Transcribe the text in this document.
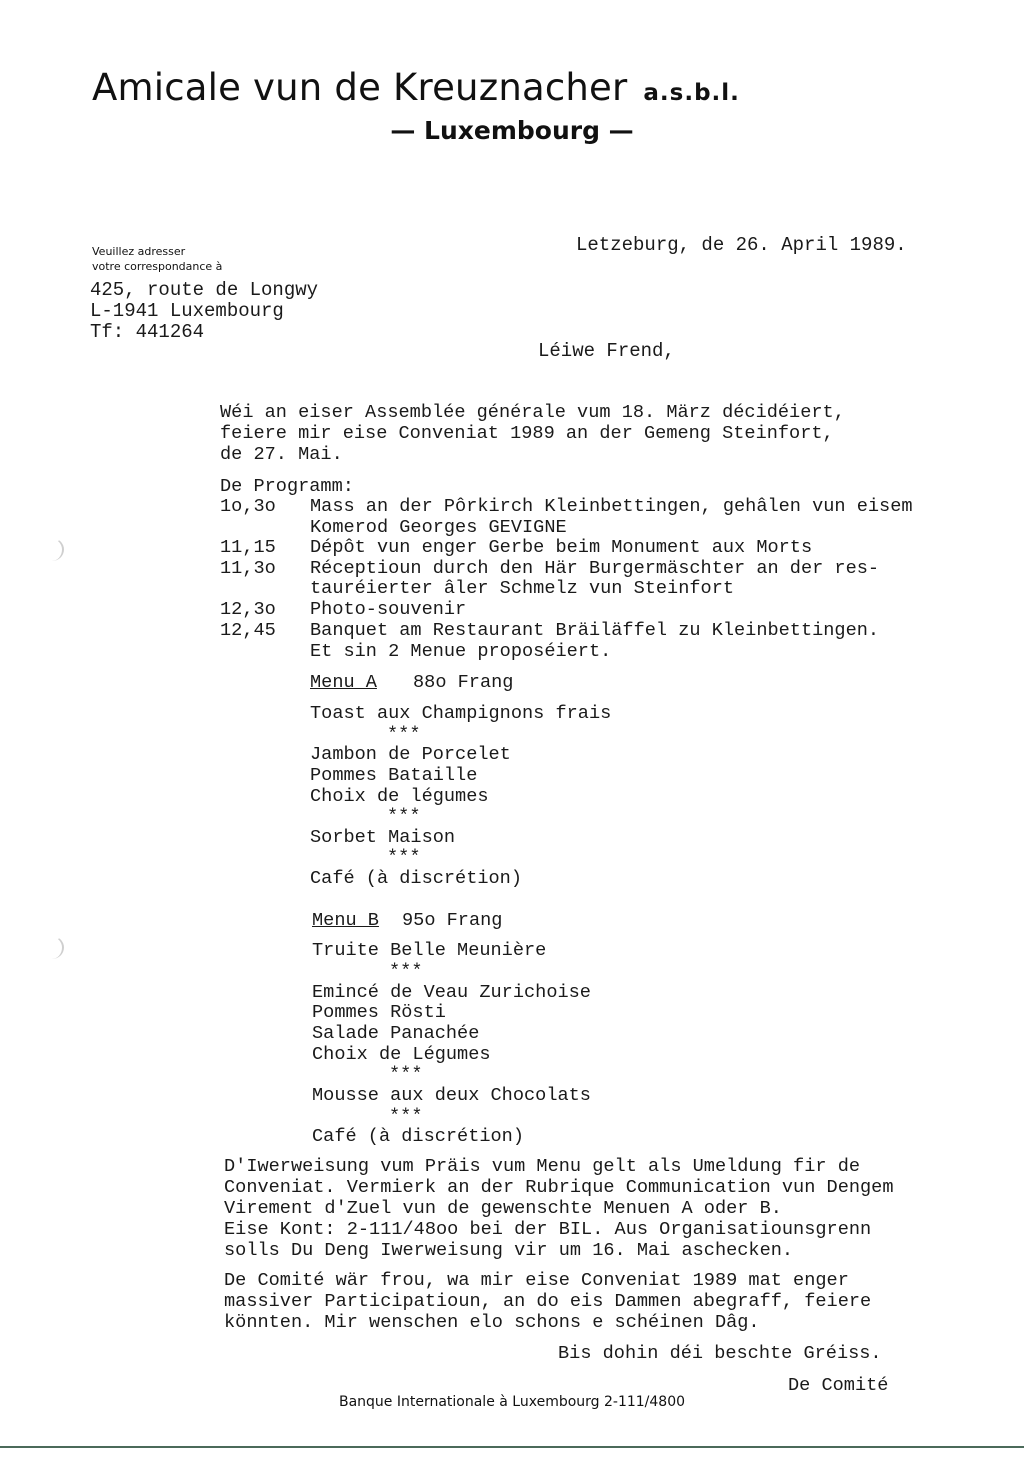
Amicale vun de Kreuznacher a.s.b.l.
— Luxembourg —
Veuillez adresser
votre correspondance à
425, route de Longwy
L-1941 Luxembourg
Tf: 441264
Letzeburg, de 26. April 1989.
Léiwe Frend,
Wéi an eiser Assemblée générale vum 18. März décidéiert,
feiere mir eise Conveniat 1989 an der Gemeng Steinfort,
de 27. Mai.
De Programm:
1o,3o Mass an der Pôrkirch Kleinbettingen, gehâlen vun eisem
Komerod Georges GEVIGNE
11,15 Dépôt vun enger Gerbe beim Monument aux Morts
11,3o Réceptioun durch den Här Burgermäschter an der res-
tauréierter âler Schmelz vun Steinfort
12,3o Photo-souvenir
12,45 Banquet am Restaurant Bräiläffel zu Kleinbettingen.
Et sin 2 Menue proposéiert.
Menu A 88o Frang
Toast aux Champignons frais
***
Jambon de Porcelet
Pommes Bataille
Choix de légumes
***
Sorbet Maison
***
Café (à discrétion)
Menu B 95o Frang
Truite Belle Meunière
***
Emincé de Veau Zurichoise
Pommes Rösti
Salade Panachée
Choix de Légumes
***
Mousse aux deux Chocolats
***
Café (à discrétion)
D'Iwerweisung vum Präis vum Menu gelt als Umeldung fir de
Conveniat. Vermierk an der Rubrique Communication vun Dengem
Virement d'Zuel vun de gewenschte Menuen A oder B.
Eise Kont: 2-111/48oo bei der BIL. Aus Organisatiounsgrenn
solls Du Deng Iwerweisung vir um 16. Mai aschecken.
De Comité wär frou, wa mir eise Conveniat 1989 mat enger
massiver Participatioun, an do eis Dammen abegraff, feiere
könnten. Mir wenschen elo schons e schéinen Dâg.
Bis dohin déi beschte Gréiss.
De Comité
Banque Internationale à Luxembourg 2-111/4800
